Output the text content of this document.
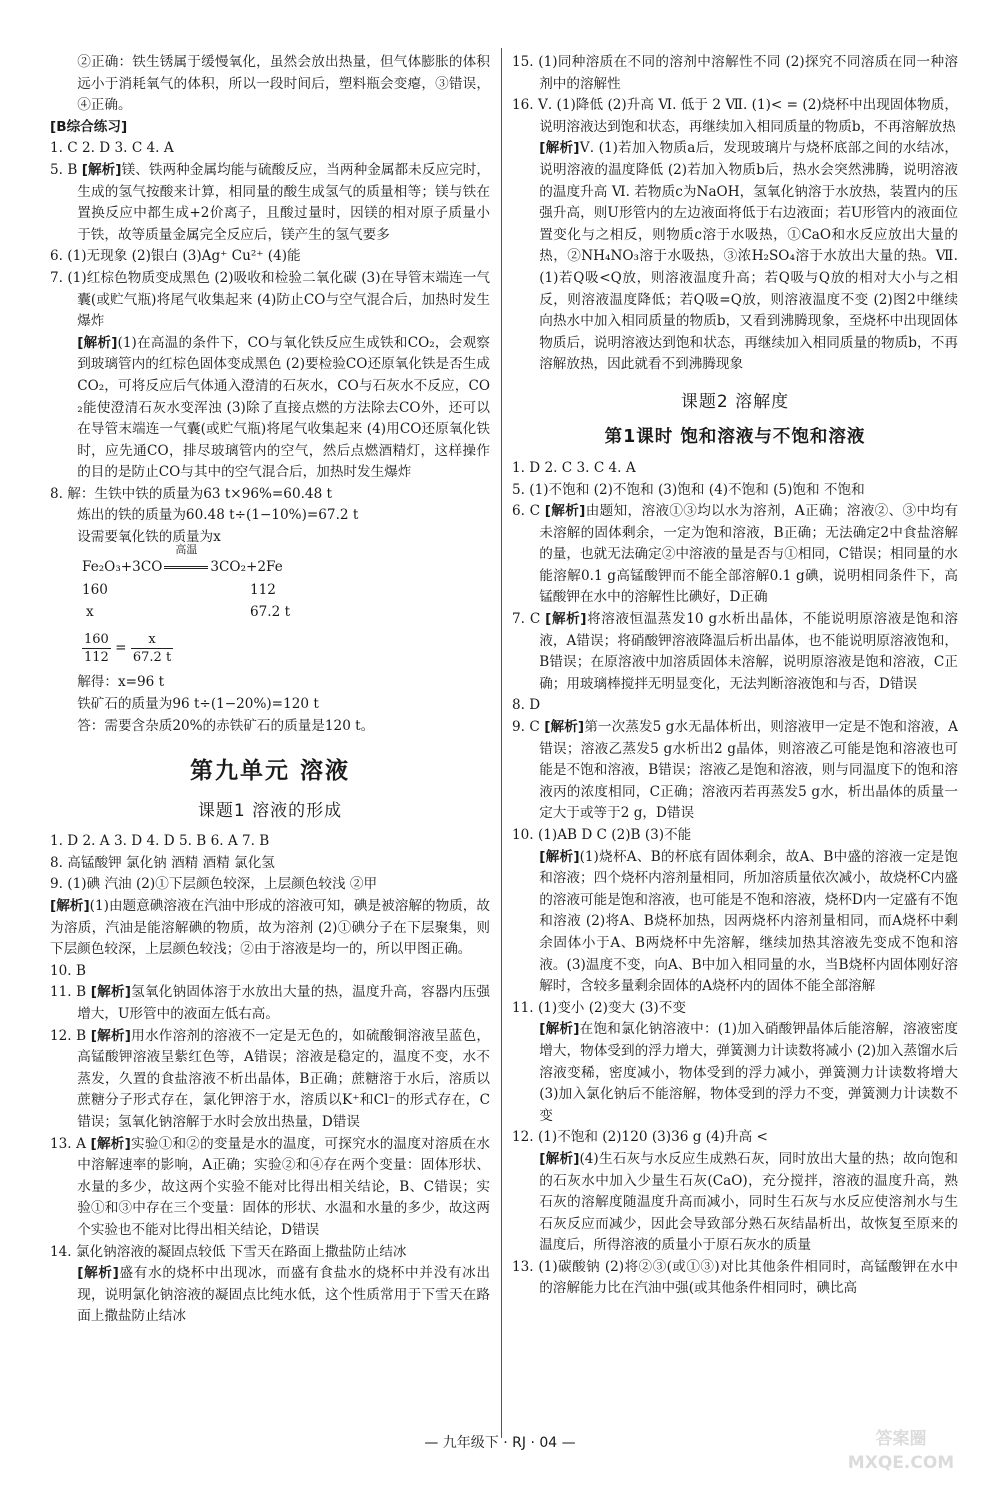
②正确：铁生锈属于缓慢氧化，虽然会放出热量，但气体膨胀的体积远小于消耗氧气的体积，所以一段时间后，塑料瓶会变瘪，③错误，④正确。

[B综合练习]

1. C 2. D 3. C 4. A

5. B [解析]镁、铁两种金属均能与硫酸反应，当两种金属都未反应完时，生成的氢气按酸来计算，相同量的酸生成氢气的质量相等；镁与铁在置换反应中都生成+2价离子，且酸过量时，因镁的相对原子质量小于铁，故等质量金属完全反应后，镁产生的氢气要多

6. (1)无现象 (2)银白 (3)Ag⁺ Cu²⁺ (4)能

7. (1)红棕色物质变成黑色 (2)吸收和检验二氧化碳 (3)在导管末端连一气囊(或贮气瓶)将尾气收集起来 (4)防止CO与空气混合后，加热时发生爆炸

[解析](1)在高温的条件下，CO与氧化铁反应生成铁和CO₂，会观察到玻璃管内的红棕色固体变成黑色 (2)要检验CO还原氧化铁是否生成CO₂，可将反应后气体通入澄清的石灰水，CO与石灰水不反应，CO₂能使澄清石灰水变浑浊 (3)除了直接点燃的方法除去CO外，还可以在导管末端连一气囊(或贮气瓶)将尾气收集起来 (4)用CO还原氧化铁时，应先通CO，排尽玻璃管内的空气，然后点燃酒精灯，这样操作的目的是防止CO与其中的空气混合后，加热时发生爆炸

8. 解：生铁中铁的质量为63 t×96%=60.48 t

炼出的铁的质量为60.48 t÷(1−10%)=67.2 t

设需要氧化铁的质量为x

Fe₂O₃+3CO
高温
3CO₂+2Fe
160	112
x	67.2 t
$\frac{160}{112} = \frac{x}{67.2 t}$

解得：x=96 t

铁矿石的质量为96 t÷(1−20%)=120 t

答：需要含杂质20%的赤铁矿石的质量是120 t。

第九单元 溶液
课题1 溶液的形成

1. D 2. A 3. D 4. D 5. B 6. A 7. B

8. 高锰酸钾 氯化钠 酒精 酒精 氯化氢

9. (1)碘 汽油 (2)①下层颜色较深，上层颜色较浅 ②甲

[解析](1)由题意碘溶液在汽油中形成的溶液可知，碘是被溶解的物质，故为溶质，汽油是能溶解碘的物质，故为溶剂 (2)①碘分子在下层聚集，则下层颜色较深，上层颜色较浅；②由于溶液是均一的，所以甲图正确。

10. B

11. B [解析]氢氧化钠固体溶于水放出大量的热，温度升高，容器内压强增大，U形管中的液面左低右高。

12. B [解析]用水作溶剂的溶液不一定是无色的，如硫酸铜溶液呈蓝色，高锰酸钾溶液呈紫红色等，A错误；溶液是稳定的，温度不变，水不蒸发，久置的食盐溶液不析出晶体，B正确；蔗糖溶于水后，溶质以蔗糖分子形式存在，氯化钾溶于水，溶质以K⁺和Cl⁻的形式存在，C错误；氢氧化钠溶解于水时会放出热量，D错误

13. A [解析]实验①和②的变量是水的温度，可探究水的温度对溶质在水中溶解速率的影响，A正确；实验②和④存在两个变量：固体形状、水量的多少，故这两个实验不能对比得出相关结论，B、C错误；实验①和③中存在三个变量：固体的形状、水温和水量的多少，故这两个实验也不能对比得出相关结论，D错误

14. 氯化钠溶液的凝固点较低 下雪天在路面上撒盐防止结冰

[解析]盛有水的烧杯中出现冰，而盛有食盐水的烧杯中并没有冰出现，说明氯化钠溶液的凝固点比纯水低，这个性质常用于下雪天在路面上撒盐防止结冰

15. (1)同种溶质在不同的溶剂中溶解性不同 (2)探究不同溶质在同一种溶剂中的溶解性

16. Ⅴ. (1)降低 (2)升高 Ⅵ. 低于 2 Ⅶ. (1)< = (2)烧杯中出现固体物质，说明溶液达到饱和状态，再继续加入相同质量的物质b，不再溶解放热

[解析]Ⅴ. (1)若加入物质a后，发现玻璃片与烧杯底部之间的水结冰，说明溶液的温度降低 (2)若加入物质b后，热水会突然沸腾，说明溶液的温度升高 Ⅵ. 若物质c为NaOH，氢氧化钠溶于水放热，装置内的压强升高，则U形管内的左边液面将低于右边液面；若U形管内的液面位置变化与之相反，则物质c溶于水吸热，①CaO和水反应放出大量的热，②NH₄NO₃溶于水吸热，③浓H₂SO₄溶于水放出大量的热。Ⅶ. (1)若Q吸<Q放，则溶液温度升高；若Q吸与Q放的相对大小与之相反，则溶液温度降低；若Q吸=Q放，则溶液温度不变 (2)图2中继续向热水中加入相同质量的物质b，又看到沸腾现象，至烧杯中出现固体物质后，说明溶液达到饱和状态，再继续加入相同质量的物质b，不再溶解放热，因此就看不到沸腾现象

课题2 溶解度
第1课时 饱和溶液与不饱和溶液

1. D 2. C 3. C 4. A

5. (1)不饱和 (2)不饱和 (3)饱和 (4)不饱和 (5)饱和 不饱和

6. C [解析]由题知，溶液①③均以水为溶剂，A正确；溶液②、③中均有未溶解的固体剩余，一定为饱和溶液，B正确；无法确定2中食盐溶解的量，也就无法确定②中溶液的量是否与①相同，C错误；相同量的水能溶解0.1 g高锰酸钾而不能全部溶解0.1 g碘，说明相同条件下，高锰酸钾在水中的溶解性比碘好，D正确

7. C [解析]将溶液恒温蒸发10 g水析出晶体，不能说明原溶液是饱和溶液，A错误；将硝酸钾溶液降温后析出晶体，也不能说明原溶液饱和，B错误；在原溶液中加溶质固体未溶解，说明原溶液是饱和溶液，C正确；用玻璃棒搅拌无明显变化，无法判断溶液饱和与否，D错误

8. D

9. C [解析]第一次蒸发5 g水无晶体析出，则溶液甲一定是不饱和溶液，A错误；溶液乙蒸发5 g水析出2 g晶体，则溶液乙可能是饱和溶液也可能是不饱和溶液，B错误；溶液乙是饱和溶液，则与同温度下的饱和溶液丙的浓度相同，C正确；溶液丙若再蒸发5 g水，析出晶体的质量一定大于或等于2 g，D错误

10. (1)AB D C (2)B (3)不能

[解析](1)烧杯A、B的杯底有固体剩余，故A、B中盛的溶液一定是饱和溶液；四个烧杯内溶剂量相同，所加溶质量依次减小，故烧杯C内盛的溶液可能是饱和溶液，也可能是不饱和溶液，烧杯D内一定盛有不饱和溶液 (2)将A、B烧杯加热，因两烧杯内溶剂量相同，而A烧杯中剩余固体小于A、B两烧杯中先溶解，继续加热其溶液先变成不饱和溶液。(3)温度不变，向A、B中加入相同量的水，当B烧杯内固体刚好溶解时，含较多量剩余固体的A烧杯内的固体不能全部溶解

11. (1)变小 (2)变大 (3)不变

[解析]在饱和氯化钠溶液中：(1)加入硝酸钾晶体后能溶解，溶液密度增大，物体受到的浮力增大，弹簧测力计读数将减小 (2)加入蒸馏水后溶液变稀，密度减小，物体受到的浮力减小，弹簧测力计读数将增大 (3)加入氯化钠后不能溶解，物体受到的浮力不变，弹簧测力计读数不变

12. (1)不饱和 (2)120 (3)36 g (4)升高 <

[解析](4)生石灰与水反应生成熟石灰，同时放出大量的热；故向饱和的石灰水中加入少量生石灰(CaO)，充分搅拌，溶液的温度升高，熟石灰的溶解度随温度升高而减小，同时生石灰与水反应使溶剂水与生石灰反应而减少，因此会导致部分熟石灰结晶析出，故恢复至原来的温度后，所得溶液的质量小于原石灰水的质量

13. (1)碳酸钠 (2)将②③(或①③)对比其他条件相同时，高锰酸钾在水中的溶解能力比在汽油中强(或其他条件相同时，碘比高

— 九年级下 · RJ · 04 —	答案圈
MXQE.COM
